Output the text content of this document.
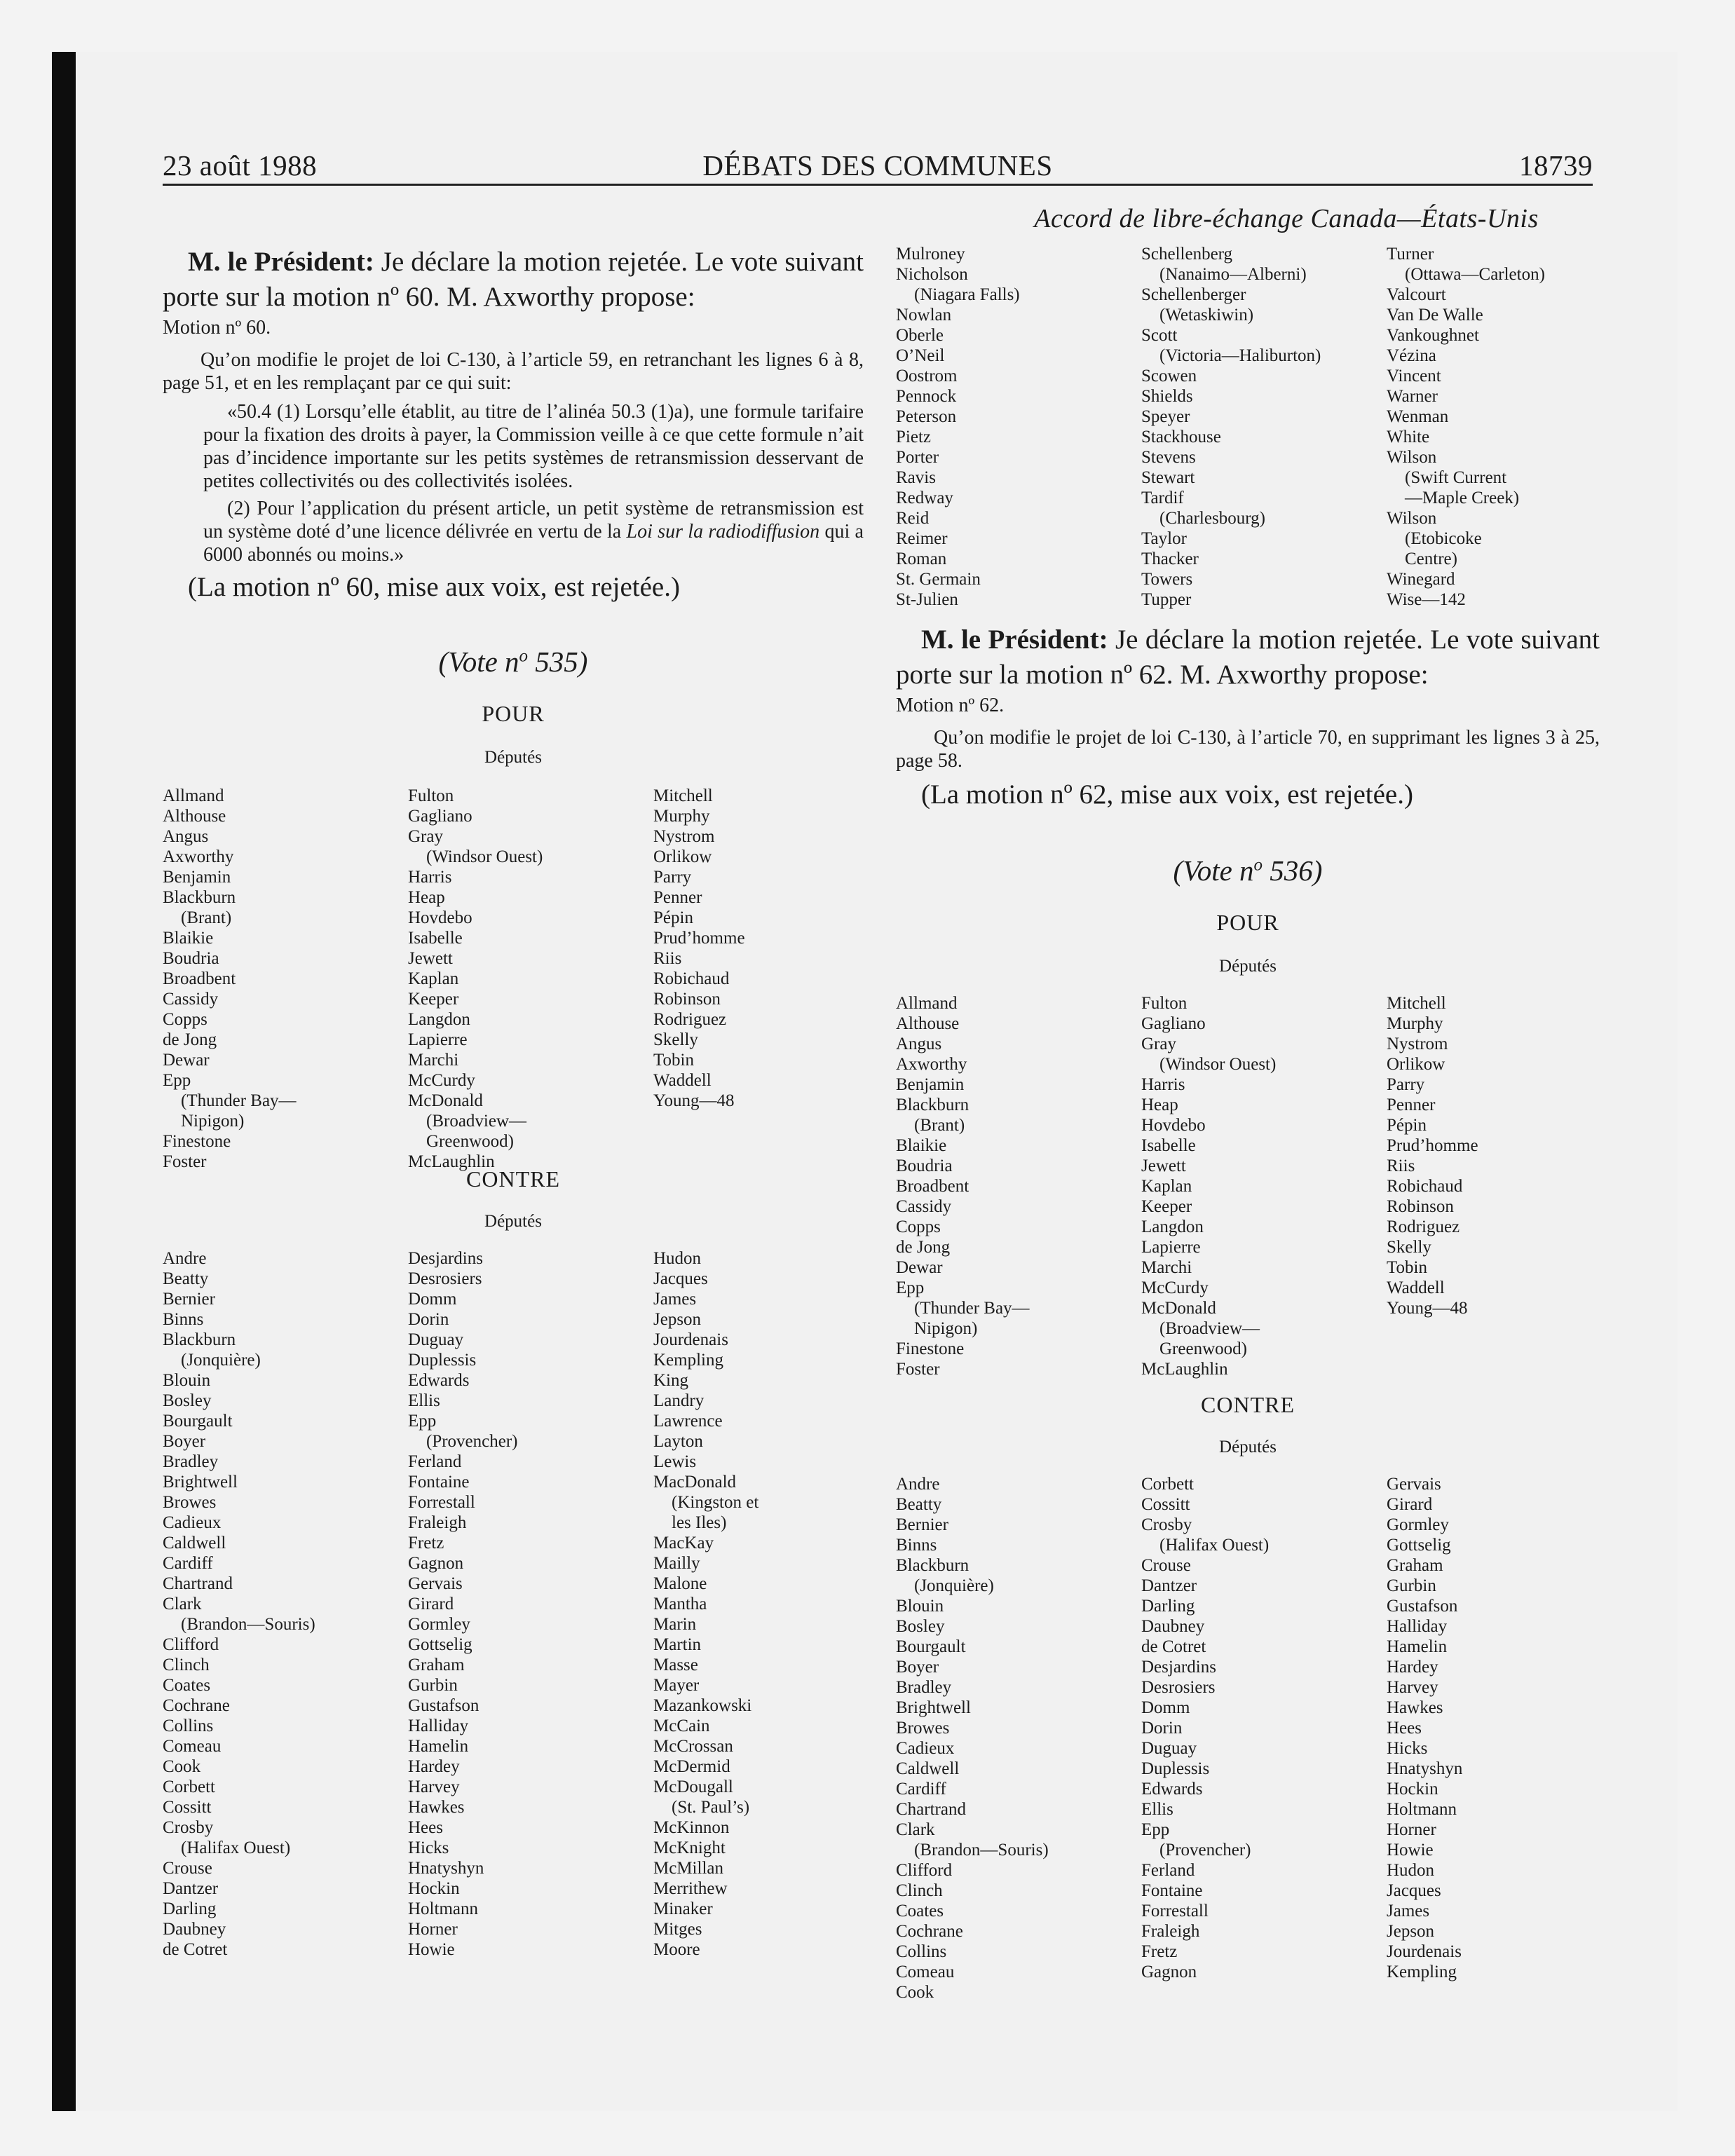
DÉBATS DES COMMUNES
23 août 1988	18739

M. le Président: Je déclare la motion rejetée. Le vote suivant porte sur la motion nº 60. M. Axworthy propose:

Motion nº 60.

Qu’on modifie le projet de loi C-130, à l’article 59, en retranchant les lignes 6 à 8, page 51, et en les remplaçant par ce qui suit:

«50.4 (1) Lorsqu’elle établit, au titre de l’alinéa 50.3 (1)a), une formule tarifaire pour la fixation des droits à payer, la Commission veille à ce que cette formule n’ait pas d’incidence importante sur les petits systèmes de retransmission desservant de petites collectivités ou des collectivités isolées.

(2) Pour l’application du présent article, un petit système de retransmission est un système doté d’une licence délivrée en vertu de la Loi sur la radiodiffusion qui a 6000 abonnés ou moins.»

(La motion nº 60, mise aux voix, est rejetée.)
(Vote $n^o$ 535)
POUR
Députés
Allmand
Althouse
Angus
Axworthy
Benjamin
Blackburn
(Brant)
Blaikie
Boudria
Broadbent
Cassidy
Copps
de Jong
Dewar
Epp
(Thunder Bay—
Nipigon)
Finestone
Foster
Fulton
Gagliano
Gray
(Windsor Ouest)
Harris
Heap
Hovdebo
Isabelle
Jewett
Kaplan
Keeper
Langdon
Lapierre
Marchi
McCurdy
McDonald
(Broadview—
Greenwood)
McLaughlin
Mitchell
Murphy
Nystrom
Orlikow
Parry
Penner
Pépin
Prud’homme
Riis
Robichaud
Robinson
Rodriguez
Skelly
Tobin
Waddell
Young—48
CONTRE
Députés
Andre
Beatty
Bernier
Binns
Blackburn
(Jonquière)
Blouin
Bosley
Bourgault
Boyer
Bradley
Brightwell
Browes
Cadieux
Caldwell
Cardiff
Chartrand
Clark
(Brandon—Souris)
Clifford
Clinch
Coates
Cochrane
Collins
Comeau
Cook
Corbett
Cossitt
Crosby
(Halifax Ouest)
Crouse
Dantzer
Darling
Daubney
de Cotret
Desjardins
Desrosiers
Domm
Dorin
Duguay
Duplessis
Edwards
Ellis
Epp
(Provencher)
Ferland
Fontaine
Forrestall
Fraleigh
Fretz
Gagnon
Gervais
Girard
Gormley
Gottselig
Graham
Gurbin
Gustafson
Halliday
Hamelin
Hardey
Harvey
Hawkes
Hees
Hicks
Hnatyshyn
Hockin
Holtmann
Horner
Howie
Hudon
Jacques
James
Jepson
Jourdenais
Kempling
King
Landry
Lawrence
Layton
Lewis
MacDonald
(Kingston et
les Iles)
MacKay
Mailly
Malone
Mantha
Marin
Martin
Masse
Mayer
Mazankowski
McCain
McCrossan
McDermid
McDougall
(St. Paul’s)
McKinnon
McKnight
McMillan
Merrithew
Minaker
Mitges
Moore
Accord de libre-échange Canada—États-Unis
Mulroney
Nicholson
(Niagara Falls)
Nowlan
Oberle
O’Neil
Oostrom
Pennock
Peterson
Pietz
Porter
Ravis
Redway
Reid
Reimer
Roman
St. Germain
St-Julien
Schellenberg
(Nanaimo—Alberni)
Schellenberger
(Wetaskiwin)
Scott
(Victoria—Haliburton)
Scowen
Shields
Speyer
Stackhouse
Stevens
Stewart
Tardif
(Charlesbourg)
Taylor
Thacker
Towers
Tupper
Turner
(Ottawa—Carleton)
Valcourt
Van De Walle
Vankoughnet
Vézina
Vincent
Warner
Wenman
White
Wilson
(Swift Current
—Maple Creek)
Wilson
(Etobicoke
Centre)
Winegard
Wise—142

M. le Président: Je déclare la motion rejetée. Le vote suivant porte sur la motion nº 62. M. Axworthy propose:

Motion nº 62.

Qu’on modifie le projet de loi C-130, à l’article 70, en supprimant les lignes 3 à 25, page 58.

(La motion nº 62, mise aux voix, est rejetée.)
(Vote $n^o$ 536)
POUR
Députés
Allmand
Althouse
Angus
Axworthy
Benjamin
Blackburn
(Brant)
Blaikie
Boudria
Broadbent
Cassidy
Copps
de Jong
Dewar
Epp
(Thunder Bay—
Nipigon)
Finestone
Foster
Fulton
Gagliano
Gray
(Windsor Ouest)
Harris
Heap
Hovdebo
Isabelle
Jewett
Kaplan
Keeper
Langdon
Lapierre
Marchi
McCurdy
McDonald
(Broadview—
Greenwood)
McLaughlin
Mitchell
Murphy
Nystrom
Orlikow
Parry
Penner
Pépin
Prud’homme
Riis
Robichaud
Robinson
Rodriguez
Skelly
Tobin
Waddell
Young—48
CONTRE
Députés
Andre
Beatty
Bernier
Binns
Blackburn
(Jonquière)
Blouin
Bosley
Bourgault
Boyer
Bradley
Brightwell
Browes
Cadieux
Caldwell
Cardiff
Chartrand
Clark
(Brandon—Souris)
Clifford
Clinch
Coates
Cochrane
Collins
Comeau
Cook
Corbett
Cossitt
Crosby
(Halifax Ouest)
Crouse
Dantzer
Darling
Daubney
de Cotret
Desjardins
Desrosiers
Domm
Dorin
Duguay
Duplessis
Edwards
Ellis
Epp
(Provencher)
Ferland
Fontaine
Forrestall
Fraleigh
Fretz
Gagnon
Gervais
Girard
Gormley
Gottselig
Graham
Gurbin
Gustafson
Halliday
Hamelin
Hardey
Harvey
Hawkes
Hees
Hicks
Hnatyshyn
Hockin
Holtmann
Horner
Howie
Hudon
Jacques
James
Jepson
Jourdenais
Kempling
